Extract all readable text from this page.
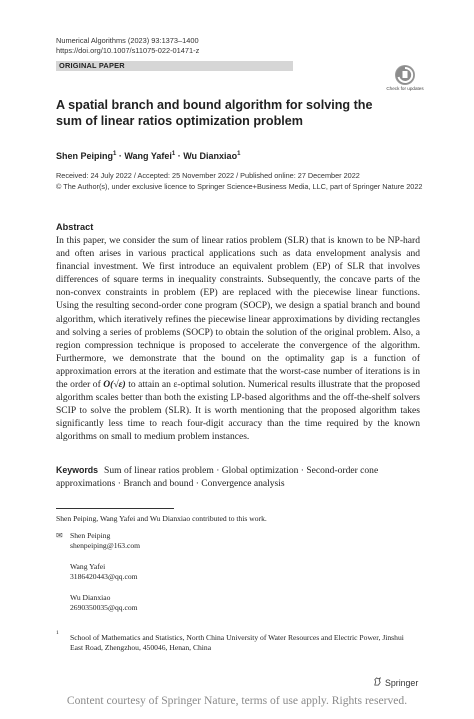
Numerical Algorithms (2023) 93:1373–1400
https://doi.org/10.1007/s11075-022-01471-z
ORIGINAL PAPER
Check for updates
A spatial branch and bound algorithm for solving the sum of linear ratios optimization problem
Shen Peiping$^1$ · Wang Yafei$^1$ · Wu Dianxiao$^1$
Received: 24 July 2022 / Accepted: 25 November 2022 / Published online: 27 December 2022
© The Author(s), under exclusive licence to Springer Science+Business Media, LLC, part of Springer Nature 2022
Abstract
In this paper, we consider the sum of linear ratios problem (SLR) that is known to be NP-hard and often arises in various practical applications such as data envelopment analysis and financial investment. We first introduce an equivalent problem (EP) of SLR that involves differences of square terms in inequality constraints. Subsequently, the concave parts of the non-convex constraints in problem (EP) are replaced with the piecewise linear functions. Using the resulting second-order cone program (SOCP), we design a spatial branch and bound algorithm, which iteratively refines the piecewise linear approximations by dividing rectangles and solving a series of problems (SOCP) to obtain the solution of the original problem. Also, a region compression technique is proposed to accelerate the convergence of the algorithm. Furthermore, we demonstrate that the bound on the optimality gap is a function of approximation errors at the iteration and estimate that the worst-case number of iterations is in the order of O(√ε) to attain an ε-optimal solution. Numerical results illustrate that the proposed algorithm scales better than both the existing LP-based algorithms and the off-the-shelf solvers SCIP to solve the problem (SLR). It is worth mentioning that the proposed algorithm takes significantly less time to reach four-digit accuracy than the time required by the known algorithms on small to medium problem instances.
Keywords Sum of linear ratios problem · Global optimization · Second-order cone approximations · Branch and bound · Convergence analysis
Shen Peiping, Wang Yafei and Wu Dianxiao contributed to this work.
✉ Shen Peiping
shenpeiping@163.com
Wang Yafei
3186420443@qq.com
Wu Dianxiao
2690350035@qq.com
1 School of Mathematics and Statistics, North China University of Water Resources and Electric Power, Jinshui East Road, Zhengzhou, 450046, Henan, China
Springer
Content courtesy of Springer Nature, terms of use apply. Rights reserved.
